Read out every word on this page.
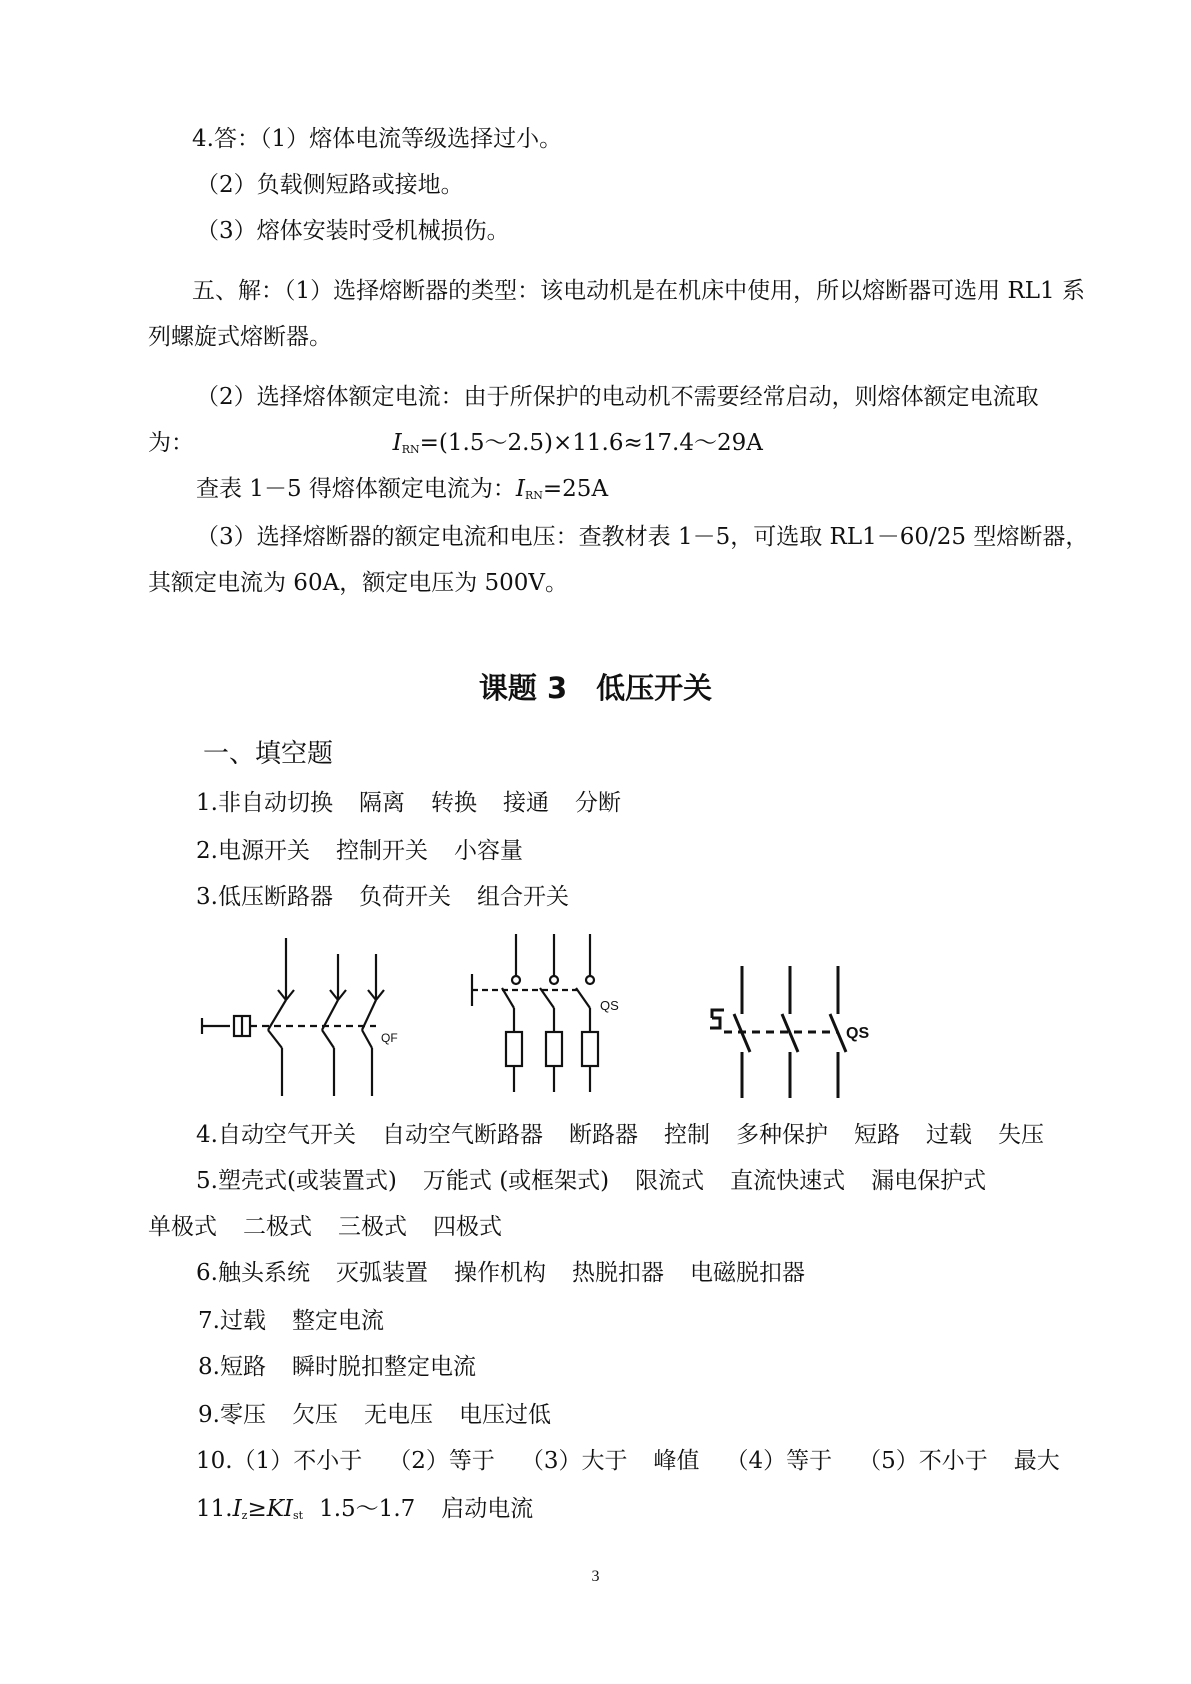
4.答：（1）熔体电流等级选择过小。
（2）负载侧短路或接地。
（3）熔体安装时受机械损伤。
五、解：（1）选择熔断器的类型：该电动机是在机床中使用，所以熔断器可选用 RL1 系
列螺旋式熔断器。
（2）选择熔体额定电流：由于所保护的电动机不需要经常启动，则熔体额定电流取
为：	$I_{RN}=(1.5\sim 2.5)\times 11.6\approx 17.4\sim 29A$
查表 1－5 得熔体额定电流为：$I_{RN}=25A$
（3）选择熔断器的额定电流和电压：查教材表 1－5，可选取 RL1－60/25 型熔断器，
其额定电流为 60A，额定电压为 500V。
课题 3　低压开关
一、填空题
1.非自动切换 隔离 转换 接通 分断
2.电源开关 控制开关 小容量
3.低压断路器 负荷开关 组合开关
QF
QS
QS
4.自动空气开关 自动空气断路器 断路器 控制 多种保护 短路 过载 失压
5.塑壳式(或装置式) 万能式 (或框架式) 限流式 直流快速式 漏电保护式
单极式 二极式 三极式 四极式
6.触头系统 灭弧装置 操作机构 热脱扣器 电磁脱扣器
7.过载 整定电流
8.短路 瞬时脱扣整定电流
9.零压 欠压 无电压 电压过低
10.（1）不小于 （2）等于 （3）大于 峰值 （4）等于 （5）不小于 最大
$11.I_z\ge KI_{st}$ 1.5～1.7 启动电流
3
